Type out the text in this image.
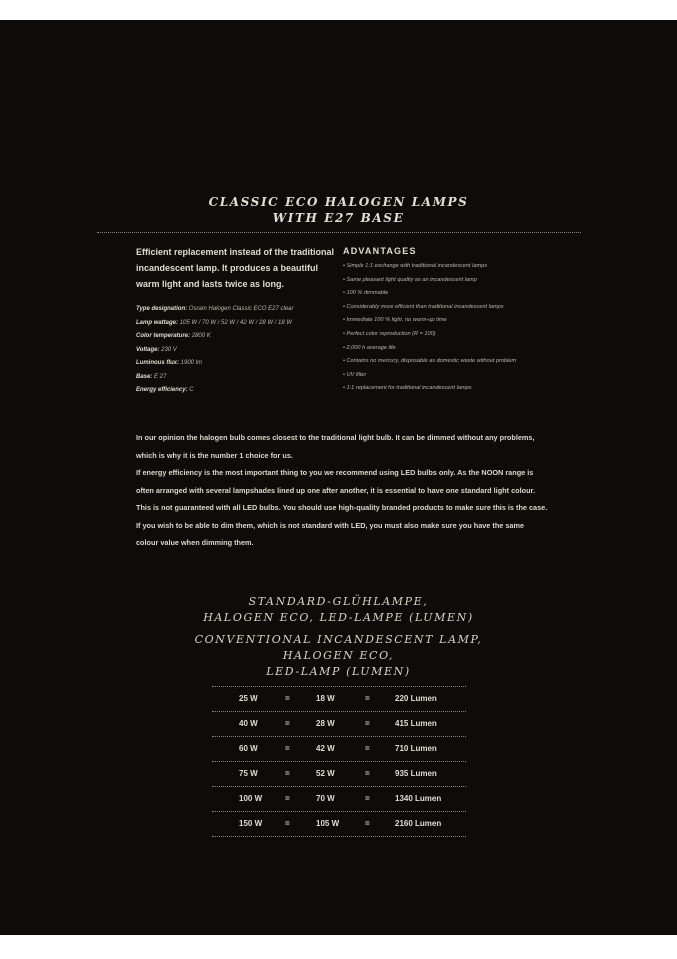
CLASSIC ECO HALOGEN LAMPS
WITH E27 BASE
Efficient replacement instead of the traditional incandescent lamp. It produces a beautiful warm light and lasts twice as long.
Type designation: Osram Halogen Classic ECO E27 clear
Lamp wattage: 105 W / 70 W / 52 W / 42 W / 28 W / 18 W
Color temperature: 2800 K
Voltage: 230 V
Luminous flux: 1900 lm
Base: E 27
Energy efficiency: C
ADVANTAGES
• Simple 1:1 exchange with traditional incandescent lamps
• Same pleasant light quality as an incandescent lamp
• 100 % dimmable
• Considerably more efficient than traditional incandescent lamps
• Immediate 100 % light, no warm-up time
• Perfect color reproduction (R = 100)
• 2,000 h average life
• Contains no mercury, disposable as domestic waste without problem
• UV filter
• 1:1 replacement for traditional incandescent lamps

In our opinion the halogen bulb comes closest to the traditional light bulb. It can be dimmed without any problems, which is why it is the number 1 choice for us.

If energy efficiency is the most important thing to you we recommend using LED bulbs only. As the NOON range is often arranged with several lampshades lined up one after another, it is essential to have one standard light colour. This is not guaranteed with all LED bulbs. You should use high-quality branded products to make sure this is the case. If you wish to be able to dim them, which is not standard with LED, you must also make sure you have the same colour value when dimming them.

STANDARD-GLÜHLAMPE,
HALOGEN ECO, LED-LAMPE (LUMEN)
CONVENTIONAL INCANDESCENT LAMP,
HALOGEN ECO,
LED-LAMP (LUMEN)
25 W	=	18 W	=	220 Lumen
40 W	=	28 W	=	415 Lumen
60 W	=	42 W	=	710 Lumen
75 W	=	52 W	=	935 Lumen
100 W	=	70 W	=	1340 Lumen
150 W	=	105 W	=	2160 Lumen
